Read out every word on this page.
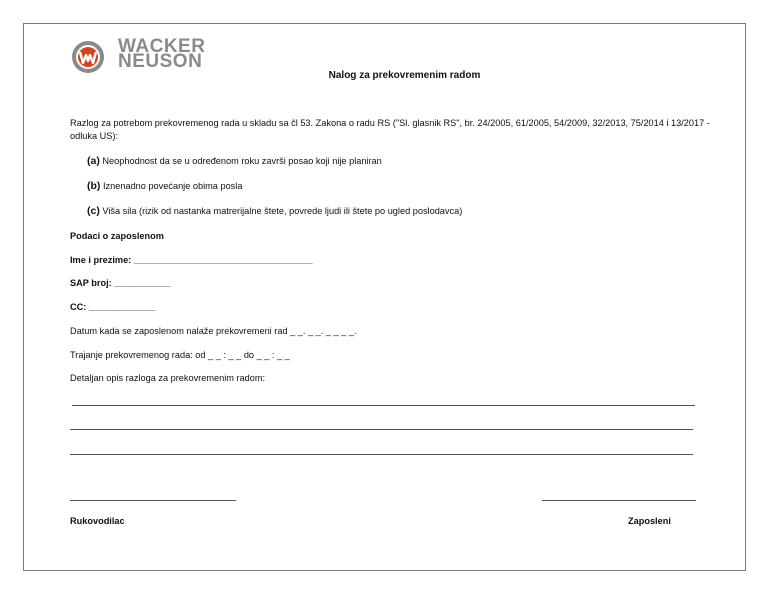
WACKER
NEUSON
Nalog za prekovremenim radom
Razlog za potrebom prekovremenog rada u skladu sa čl 53. Zakona o radu RS ("Sl. glasnik RS", br. 24/2005, 61/2005, 54/2009, 32/2013, 75/2014 i 13/2017 - odluka US):
(a) Neophodnost da se u određenom roku završi posao koji nije planiran
(b) Iznenadno povećanje obima posla
(c) Viša sila (rizik od nastanka matrerijalne štete, povrede ljudi ili štete po ugled poslodavca)
Podaci o zaposlenom
Ime i prezime: ___________________________________
SAP broj: ___________
CC: _____________
Datum kada se zaposlenom nalaže prekovremeni rad _ _. _ _. _ _ _ _.
Trajanje prekovremenog rada: od _ _ : _ _ do _ _ : _ _
Detaljan opis razloga za prekovremenim radom:
Rukovodilac	Zaposleni
